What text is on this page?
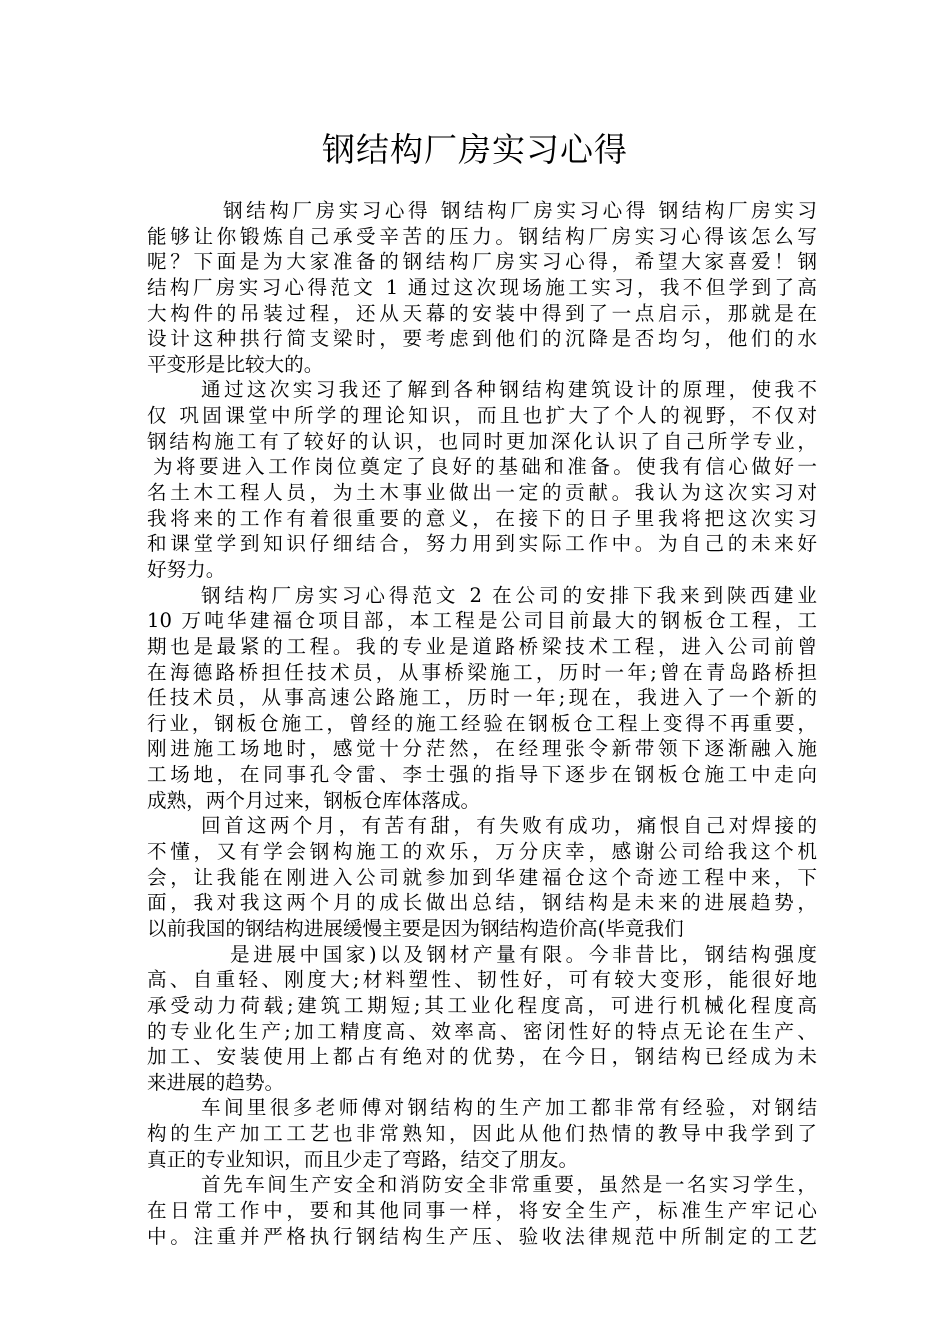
钢结构厂房实习心得
钢结构厂房实习心得 钢结构厂房实习心得 钢结构厂房实习
能够让你锻炼自己承受辛苦的压力。钢结构厂房实习心得该怎么写
呢？下面是为大家准备的钢结构厂房实习心得，希望大家喜爱！钢
结构厂房实习心得范文 1 通过这次现场施工实习，我不但学到了高
大构件的吊装过程，还从天幕的安装中得到了一点启示，那就是在
设计这种拱行简支梁时，要考虑到他们的沉降是否均匀，他们的水
平变形是比较大的。
通过这次实习我还了解到各种钢结构建筑设计的原理，使我不
仅 巩固课堂中所学的理论知识，而且也扩大了个人的视野，不仅对
钢结构施工有了较好的认识，也同时更加深化认识了自己所学专业，
为将要进入工作岗位奠定了良好的基础和准备。使我有信心做好一
名土木工程人员，为土木事业做出一定的贡献。我认为这次实习对
我将来的工作有着很重要的意义，在接下的日子里我将把这次实习
和课堂学到知识仔细结合，努力用到实际工作中。为自己的未来好
好努力。
钢结构厂房实习心得范文 2 在公司的安排下我来到陕西建业
10 万吨华建福仓项目部，本工程是公司目前最大的钢板仓工程，工
期也是最紧的工程。我的专业是道路桥梁技术工程，进入公司前曾
在海德路桥担任技术员，从事桥梁施工，历时一年;曾在青岛路桥担
任技术员，从事高速公路施工，历时一年;现在，我进入了一个新的
行业，钢板仓施工，曾经的施工经验在钢板仓工程上变得不再重要，
刚进施工场地时，感觉十分茫然，在经理张令新带领下逐渐融入施
工场地，在同事孔令雷、李士强的指导下逐步在钢板仓施工中走向
成熟，两个月过来，钢板仓库体落成。
回首这两个月，有苦有甜，有失败有成功，痛恨自己对焊接的
不懂，又有学会钢构施工的欢乐，万分庆幸，感谢公司给我这个机
会，让我能在刚进入公司就参加到华建福仓这个奇迹工程中来，下
面，我对我这两个月的成长做出总结，钢结构是未来的进展趋势，
以前我国的钢结构进展缓慢主要是因为钢结构造价高(毕竟我们
是进展中国家)以及钢材产量有限。今非昔比，钢结构强度
高、自重轻、刚度大;材料塑性、韧性好，可有较大变形，能很好地
承受动力荷载;建筑工期短;其工业化程度高，可进行机械化程度高
的专业化生产;加工精度高、效率高、密闭性好的特点无论在生产、
加工、安装使用上都占有绝对的优势，在今日，钢结构已经成为未
来进展的趋势。
车间里很多老师傅对钢结构的生产加工都非常有经验，对钢结
构的生产加工工艺也非常熟知，因此从他们热情的教导中我学到了
真正的专业知识，而且少走了弯路，结交了朋友。
首先车间生产安全和消防安全非常重要，虽然是一名实习学生，
在日常工作中，要和其他同事一样，将安全生产，标准生产牢记心
中。注重并严格执行钢结构生产压、验收法律规范中所制定的工艺
